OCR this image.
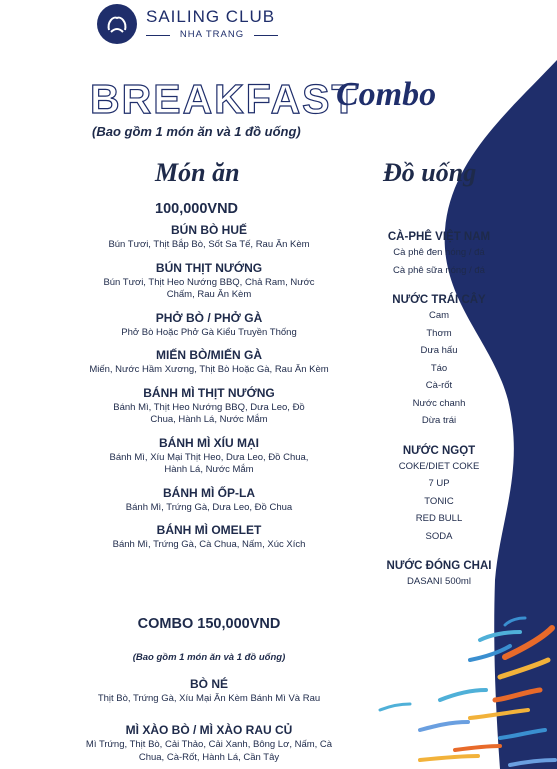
SAILING CLUB
NHA TRANG
BREAKFAST
Combo
(Bao gồm 1 món ăn và 1 đồ uống)
Món ăn
100,000VND
Đồ uống
BÚN BÒ HUẾ
Bún Tươi, Thịt Bắp Bò, Sốt Sa Tế, Rau Ăn Kèm
BÚN THỊT NƯỚNG
Bún Tươi, Thịt Heo Nướng BBQ, Chả Ram, Nước Chấm, Rau Ăn Kèm
PHỞ BÒ / PHỞ GÀ
Phở Bò Hoặc Phở Gà Kiểu Truyền Thống
MIẾN BÒ/MIẾN GÀ
Miến, Nước Hầm Xương, Thịt Bò Hoặc Gà, Rau Ăn Kèm
BÁNH MÌ THỊT NƯỚNG
Bánh Mì, Thịt Heo Nướng BBQ, Dưa Leo, Đồ Chua, Hành Lá, Nước Mắm
BÁNH MÌ XÍU MẠI
Bánh Mì, Xíu Mại Thịt Heo, Dưa Leo, Đồ Chua, Hành Lá, Nước Mắm
BÁNH MÌ ỐP-LA
Bánh Mì, Trứng Gà, Dưa Leo, Đồ Chua
BÁNH MÌ OMELET
Bánh Mì, Trứng Gà, Cà Chua, Nấm, Xúc Xích
COMBO 150,000VND
(Bao gồm 1 món ăn và 1 đồ uống)
BÒ NÉ
Thịt Bò, Trứng Gà, Xíu Mại Ăn Kèm Bánh Mì Và Rau
MÌ XÀO BÒ / MÌ XÀO RAU CỦ
Mì Trứng, Thịt Bò, Cải Thảo, Cải Xanh, Bông Lơ, Nấm, Cà Chua, Cà-Rốt, Hành Lá, Cần Tây
CÀ-PHÊ VIỆT NAM
Cà phê đen nóng / đá
Cà phê sữa nóng / đá
NƯỚC TRÁI CÂY
Cam
Thơm
Dưa hấu
Táo
Cà-rốt
Nước chanh
Dừa trái
NƯỚC NGỌT
COKE/DIET COKE
7 UP
TONIC
RED BULL
SODA
NƯỚC ĐÓNG CHAI
DASANI 500ml
